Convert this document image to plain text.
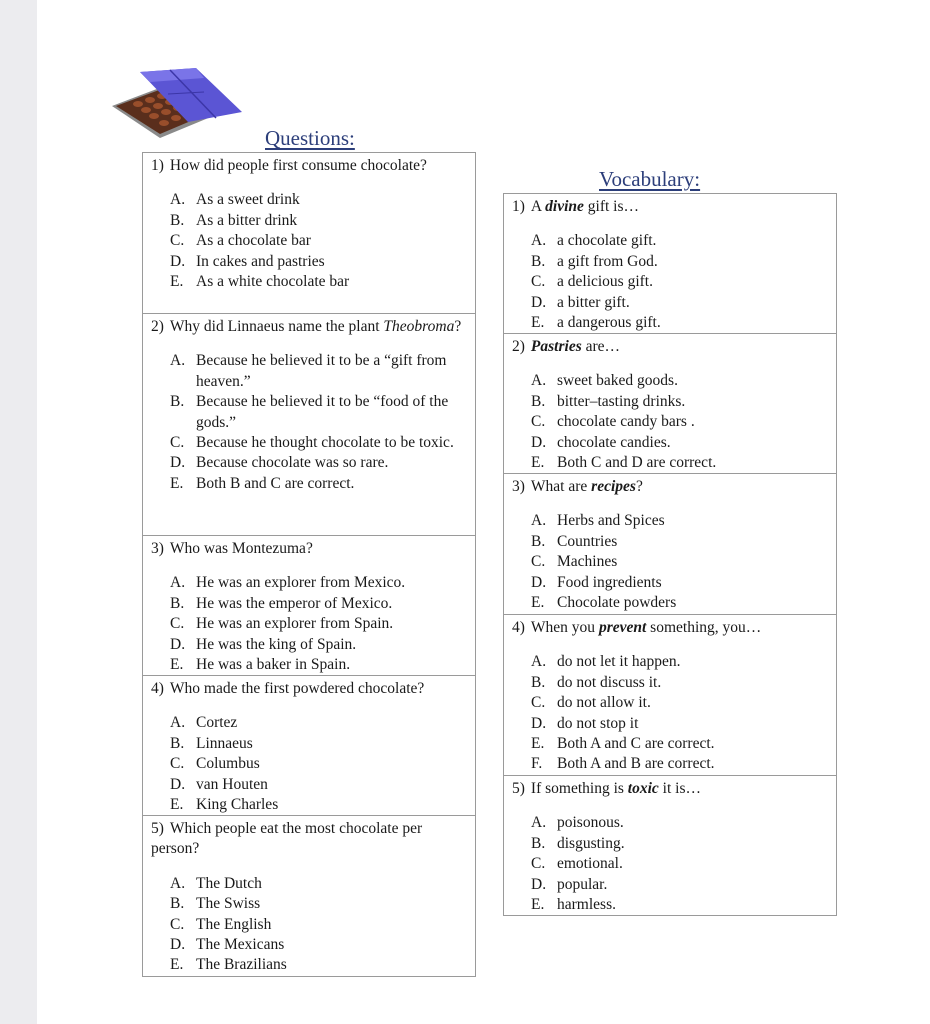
Questions:
Vocabulary:
1) How did people first consume chocolate?
A. As a sweet drink
B. As a bitter drink
C. As a chocolate bar
D. In cakes and pastries
E. As a white chocolate bar
2) Why did Linnaeus name the plant Theobroma?
A. Because he believed it to be a “gift from heaven.”
B. Because he believed it to be “food of the gods.”
C. Because he thought chocolate to be toxic.
D. Because chocolate was so rare.
E. Both B and C are correct.
3) Who was Montezuma?
A. He was an explorer from Mexico.
B. He was the emperor of Mexico.
C. He was an explorer from Spain.
D. He was the king of Spain.
E. He was a baker in Spain.
4) Who made the first powdered chocolate?
A. Cortez
B. Linnaeus
C. Columbus
D. van Houten
E. King Charles
5) Which people eat the most chocolate per person?
A. The Dutch
B. The Swiss
C. The English
D. The Mexicans
E. The Brazilians
1) A divine gift is…
A. a chocolate gift.
B. a gift from God.
C. a delicious gift.
D. a bitter gift.
E. a dangerous gift.
2) Pastries are…
A. sweet baked goods.
B. bitter–tasting drinks.
C. chocolate candy bars .
D. chocolate candies.
E. Both C and D are correct.
3) What are recipes?
A. Herbs and Spices
B. Countries
C. Machines
D. Food ingredients
E. Chocolate powders
4) When you prevent something, you…
A. do not let it happen.
B. do not discuss it.
C. do not allow it.
D. do not stop it
E. Both A and C are correct.
F. Both A and B are correct.
5) If something is toxic it is…
A. poisonous.
B. disgusting.
C. emotional.
D. popular.
E. harmless.
